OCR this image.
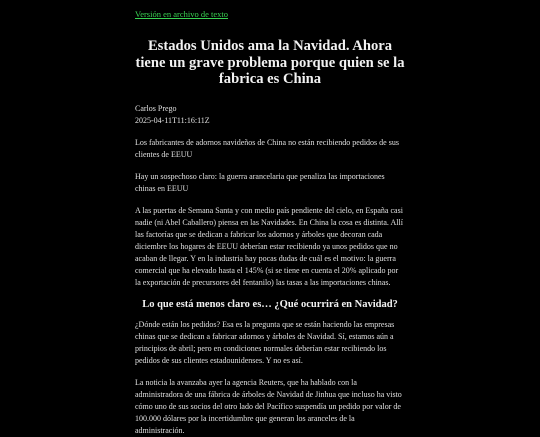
Versión en archivo de texto
Estados Unidos ama la Navidad. Ahora tiene un grave problema porque quien se la fabrica es China
Carlos Prego
2025-04-11T11:16:11Z

Los fabricantes de adornos navideños de China no están recibiendo pedidos de sus clientes de EEUU

Hay un sospechoso claro: la guerra arancelaria que penaliza las importaciones chinas en EEUU

A las puertas de Semana Santa y con medio país pendiente del cielo, en España casi nadie (ni Abel Caballero) piensa en las Navidades. En China la cosa es distinta. Allí las factorías que se dedican a fabricar los adornos y árboles que decoran cada diciembre los hogares de EEUU deberían estar recibiendo ya unos pedidos que no acaban de llegar. Y en la industria hay pocas dudas de cuál es el motivo: la guerra comercial que ha elevado hasta el 145% (si se tiene en cuenta el 20% aplicado por la exportación de precursores del fentanilo) las tasas a las importaciones chinas.

Lo que está menos claro es… ¿Qué ocurrirá en Navidad?

¿Dónde están los pedidos? Esa es la pregunta que se están haciendo las empresas chinas que se dedican a fabricar adornos y árboles de Navidad. Sí, estamos aún a principios de abril; pero en condiciones normales deberían estar recibiendo los pedidos de sus clientes estadounidenses. Y no es así.

La noticia la avanzaba ayer la agencia Reuters, que ha hablado con la administradora de una fábrica de árboles de Navidad de Jinhua que incluso ha visto cómo uno de sus socios del otro lado del Pacífico suspendía un pedido por valor de 100.000 dólares por la incertidumbre que generan los aranceles de la administración.
